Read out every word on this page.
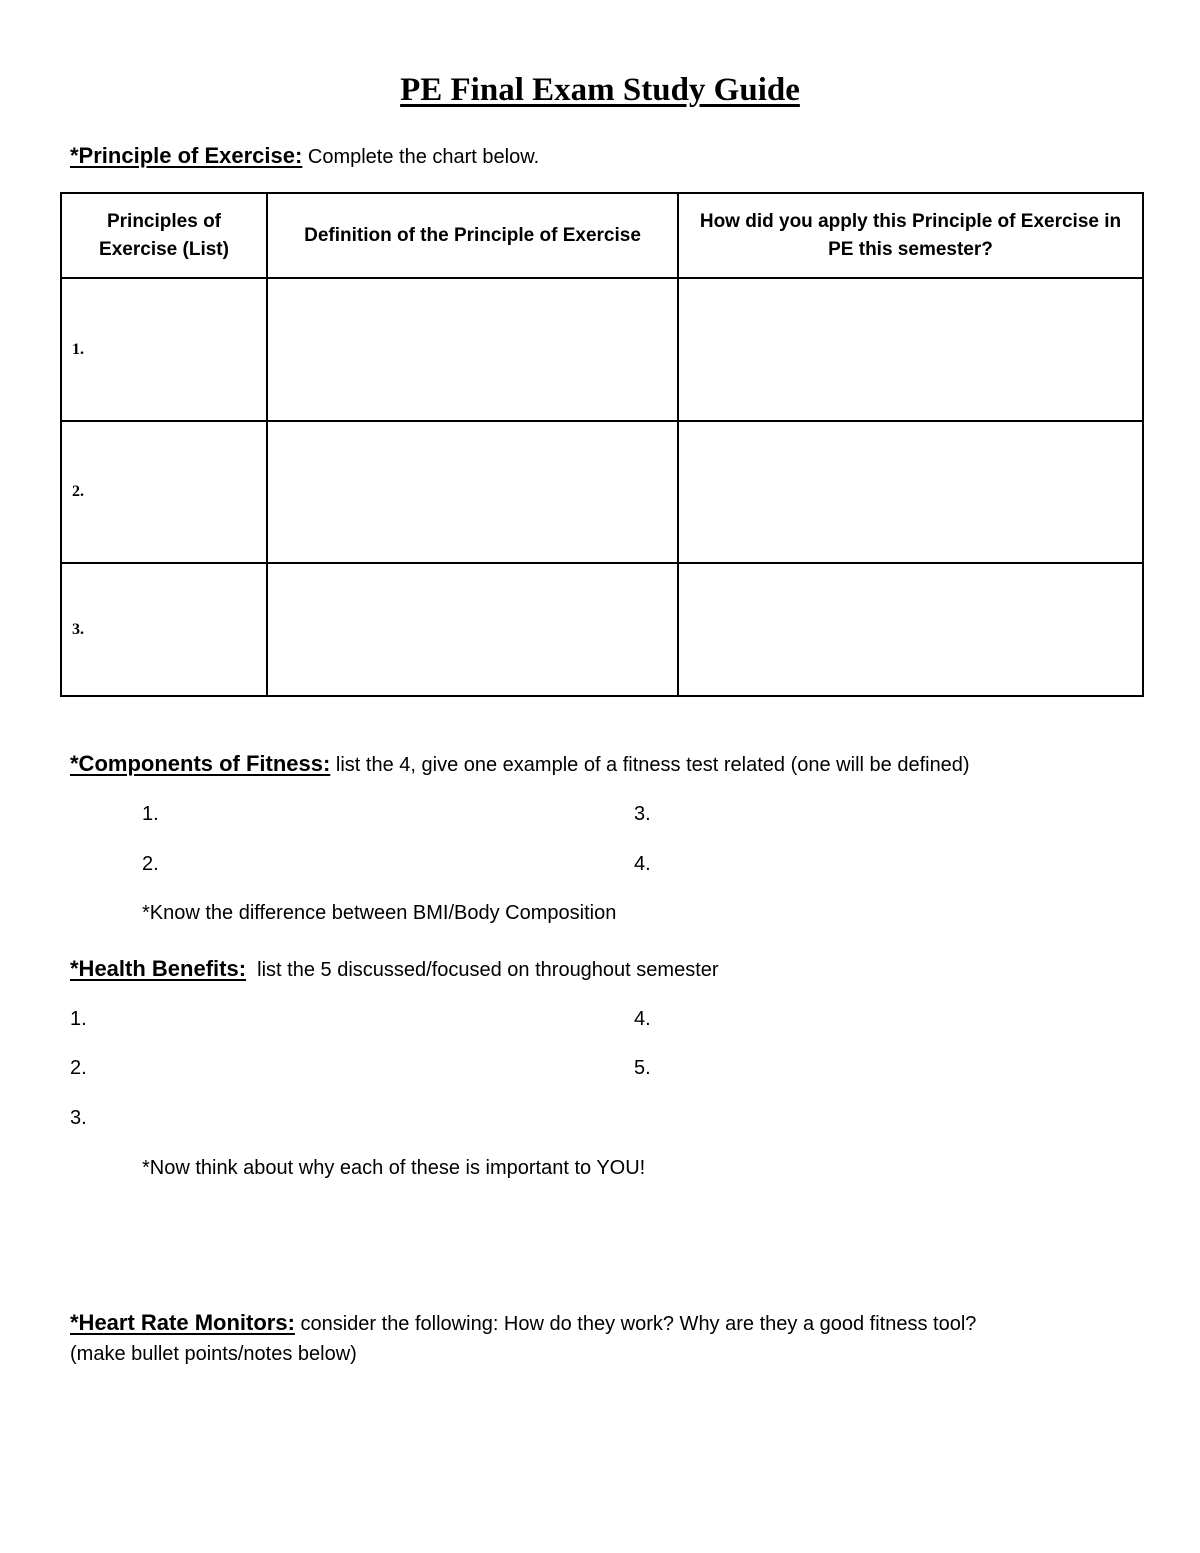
PE Final Exam Study Guide
*Principle of Exercise: Complete the chart below.
Principles of Exercise (List)	Definition of the Principle of Exercise	How did you apply this Principle of Exercise in PE this semester?

1.		
2.		
3.		
*Components of Fitness: list the 4, give one example of a fitness test related (one will be defined)
1.
2.
3.
4.
*Know the difference between BMI/Body Composition
*Health Benefits:  list the 5 discussed/focused on throughout semester
1.
2.
3.
4.
5.
*Now think about why each of these is important to YOU!
*Heart Rate Monitors: consider the following: How do they work? Why are they a good fitness tool?
(make bullet points/notes below)
